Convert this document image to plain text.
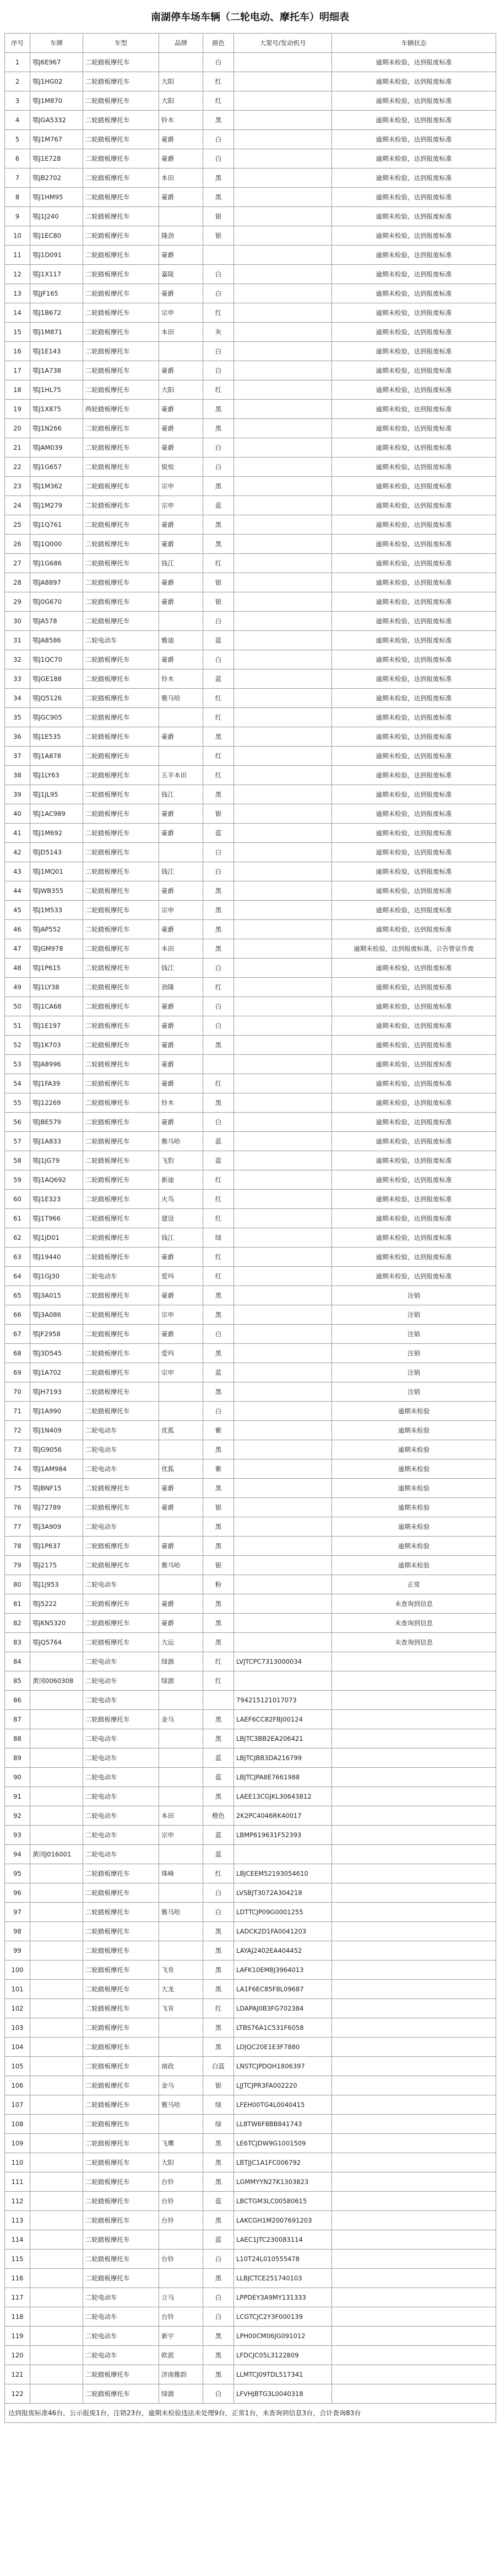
南湖停车场车辆（二轮电动、摩托车）明细表
序号	车牌	车型	品牌	颜色	大架号/发动机号	车辆状态
1	鄂J6E967	二轮踏板摩托车		白		逾期未检验，达到报废标准
2	鄂J1HG02	二轮踏板摩托车	大阳	红		逾期未检验，达到报废标准
3	鄂J1M870	二轮踏板摩托车	大阳	红		逾期未检验，达到报废标准
4	鄂JGA5332	二轮踏板摩托车	铃木	黑		逾期未检验，达到报废标准
5	鄂J1M767	二轮踏板摩托车	豪爵	白		逾期未检验，达到报废标准
6	鄂J1E728	二轮踏板摩托车	豪爵	白		逾期未检验，达到报废标准
7	鄂JB2702	二轮踏板摩托车	本田	黑		逾期未检验，达到报废标准
8	鄂J1HM95	二轮踏板摩托车	豪爵	黑		逾期未检验，达到报废标准
9	鄂J1J240	二轮踏板摩托车		银		逾期未检验，达到报废标准
10	鄂J1EC80	二轮踏板摩托车	隆劲	银		逾期未检验，达到报废标准
11	鄂J1D091	二轮踏板摩托车	豪爵			逾期未检验，达到报废标准
12	鄂J1X117	二轮踏板摩托车	嘉陵	白		逾期未检验，达到报废标准
13	鄂JJF165	二轮踏板摩托车	豪爵	白		逾期未检验，达到报废标准
14	鄂J1B672	二轮踏板摩托车	宗申	红		逾期未检验，达到报废标准
15	鄂J1M871	二轮踏板摩托车	本田	灰		逾期未检验，达到报废标准
16	鄂J1E143	二轮踏板摩托车		白		逾期未检验，达到报废标准
17	鄂J1A738	二轮踏板摩托车	豪爵	白		逾期未检验，达到报废标准
18	鄂J1HL75	二轮踏板摩托车	大阳	红		逾期未检验，达到报废标准
19	鄂J1X875	两轮踏板摩托车	豪爵	黑		逾期未检验，达到报废标准
20	鄂J1N266	二轮踏板摩托车	豪爵	黑		逾期未检验，达到报废标准
21	鄂JAM039	二轮踏板摩托车	豪爵	白		逾期未检验，达到报废标准
22	鄂J1G657	二轮踏板摩托车	锐悦	白		逾期未检验，达到报废标准
23	鄂J1M362	二轮踏板摩托车	宗申	黑		逾期未检验，达到报废标准
24	鄂J1M279	二轮踏板摩托车	宗申	蓝		逾期未检验，达到报废标准
25	鄂J1Q761	二轮踏板摩托车	豪爵	黑		逾期未检验，达到报废标准
26	鄂J1Q000	二轮踏板摩托车	豪爵	黑		逾期未检验，达到报废标准
27	鄂J1G686	二轮踏板摩托车	钱江	红		逾期未检验，达到报废标准
28	鄂JA8897	二轮踏板摩托车	豪爵	银		逾期未检验，达到报废标准
29	鄂J0G670	二轮踏板摩托车	豪爵	银		逾期未检验，达到报废标准
30	鄂JA578	二轮踏板摩托车		白		逾期未检验，达到报废标准
31	鄂JA8586	二轮电动车	雅迪	蓝		逾期未检验，达到报废标准
32	鄂J1QC70	二轮踏板摩托车	豪爵	白		逾期未检验，达到报废标准
33	鄂JGE188	二轮踏板摩托车	铃木	蓝		逾期未检验，达到报废标准
34	鄂JQ5126	二轮踏板摩托车	雅马哈	红		逾期未检验，达到报废标准
35	鄂JGC905	二轮踏板摩托车		红		逾期未检验，达到报废标准
36	鄂J1E535	二轮踏板摩托车	豪爵	黑		逾期未检验，达到报废标准
37	鄂J1A878	二轮踏板摩托车		红		逾期未检验，达到报废标准
38	鄂J1LY63	二轮踏板摩托车	五羊本田	红		逾期未检验，达到报废标准
39	鄂J1JL95	二轮踏板摩托车	钱江	黑		逾期未检验，达到报废标准
40	鄂J1AC989	二轮踏板摩托车	豪爵	银		逾期未检验，达到报废标准
41	鄂J1M692	二轮踏板摩托车	豪爵	蓝		逾期未检验，达到报废标准
42	鄂JD5143	二轮踏板摩托车		白		逾期未检验，达到报废标准
43	鄂J1MQ01	二轮踏板摩托车	钱江	白		逾期未检验，达到报废标准
44	鄂JWB355	二轮踏板摩托车	豪爵	黑		逾期未检验，达到报废标准
45	鄂J1M533	二轮踏板摩托车	宗申	黑		逾期未检验，达到报废标准
46	鄂JAP552	二轮踏板摩托车	豪爵	黑		逾期未检验，达到报废标准
47	鄂JGM978	二轮踏板摩托车	本田	黑		逾期未检验，达到报废标准，公告曾证作废
48	鄂J1P615	二轮踏板摩托车	钱江	白		逾期未检验，达到报废标准
49	鄂J1LY38	二轮踏板摩托车	劲隆	红		逾期未检验，达到报废标准
50	鄂J1CA68	二轮踏板摩托车	豪爵	白		逾期未检验，达到报废标准
51	鄂J1E197	二轮踏板摩托车	豪爵	白		逾期未检验，达到报废标准
52	鄂J1K703	二轮踏板摩托车	豪爵	黑		逾期未检验，达到报废标准
53	鄂JA8996	二轮踏板摩托车	豪爵			逾期未检验，达到报废标准
54	鄂J1FA39	二轮踏板摩托车	豪爵	红		逾期未检验，达到报废标准
55	鄂J12269	二轮踏板摩托车	铃木	黑		逾期未检验，达到报废标准
56	鄂JBE579	二轮踏板摩托车	豪爵	白		逾期未检验，达到报废标准
57	鄂J1A833	二轮踏板摩托车	雅马哈	蓝		逾期未检验，达到报废标准
58	鄂J1JG79	二轮踏板摩托车	飞豹	蓝		逾期未检验，达到报废标准
59	鄂J1AQ692	二轮踏板摩托车	新迪	红		逾期未检验，达到报废标准
60	鄂J1E323	二轮踏板摩托车	火鸟	红		逾期未检验，达到报废标准
61	鄂J1T966	二轮踏板摩托车	建设	红		逾期未检验，达到报废标准
62	鄂J1JD01	二轮踏板摩托车	钱江	绿		逾期未检验，达到报废标准
63	鄂J19440	二轮踏板摩托车	豪爵	红		逾期未检验，达到报废标准
64	鄂J1GJ30	二轮电动车	爱玛	红		逾期未检验，达到报废标准
65	鄂J3A015	二轮踏板摩托车	豪爵	黑		注销
66	鄂J3A086	二轮踏板摩托车	宗申	黑		注销
67	鄂JF2958	二轮踏板摩托车	豪爵	白		注销
68	鄂J3D545	二轮踏板摩托车	爱玛	黑		注销
69	鄂J1A702	二轮踏板摩托车	宗申	蓝		注销
70	鄂JH7193	二轮踏板摩托车		黑		注销
71	鄂J1A990	二轮踏板摩托车		白		逾期未检验
72	鄂J1N409	二轮电动车	优狐	紫		逾期未检验
73	鄂JG9056	二轮电动车		黑		逾期未检验
74	鄂J1AM984	二轮电动车	优狐	紫		逾期未检验
75	鄂JBNF15	二轮踏板摩托车	豪爵	黑		逾期未检验
76	鄂J72789	二轮踏板摩托车	豪爵	银		逾期未检验
77	鄂J3A909	二轮电动车		黑		逾期未检验
78	鄂J1P637	二轮踏板摩托车	豪爵	黑		逾期未检验
79	鄂J2175	二轮踏板摩托车	雅马哈	银		逾期未检验
80	鄂J1J953	二轮电动车		粉		正常
81	鄂J5222	二轮踏板摩托车	豪爵	黑		未查询到信息
82	鄂JKN5320	二轮踏板摩托车	豪爵	黑		未查询到信息
83	鄂JQ5764	二轮踏板摩托车	大运	黑		未查询到信息
84		二轮电动车	绿源	红	LVJTCPC7313000034	
85	黄冈0060308	二轮电动车	绿源	红		
86		二轮电动车			794215121017073	
87		二轮踏板摩托车	金马	黑	LAEF6CC82FBJ00124	
88		二轮电动车		黑	LBJTC3BB2EA206421	
89		二轮电动车		蓝	LBJTCJBB3DA216799	
90		二轮电动车		蓝	LBJTCJPA8E7661988	
91		二轮电动车		黑	LAEE13CGJKL30643812	
92		二轮电动车	本田	橙色	2K2PC4046RK40017	
93		二轮电动车	宗申	蓝	LBMP619631F52393	
94	黄冈J016001	二轮电动车		蓝		
95		二轮踏板摩托车	珠峰	红	LBJCEEM52193054610	
96		二轮踏板摩托车		白	LVSBJT3072A304218	
97		二轮踏板摩托车	雅马哈	白	LDTTCJP09G0001255	
98		二轮踏板摩托车		黑	LADCK2D1FA0041203	
99		二轮踏板摩托车		黑	LAYAJ2402EA404452	
100		二轮踏板摩托车	飞肯	黑	LAFK10EM8J3964013	
101		二轮踏板摩托车	大龙	黑	LA1F6EC85F8L09687	
102		二轮踏板摩托车	飞肯	红	LDAPAJ0B3FG702384	
103		二轮踏板摩托车		黑	LTBS76A1C531F6058	
104		二轮踏板摩托车		黑	LDJQC20E1E3F7880	
105		二轮踏板摩托车	南政	白蓝	LNSTCJPDQH1806397	
106		二轮踏板摩托车	金马	银	LJJTCJPR3FA002220	
107		二轮踏板摩托车	雅马哈	绿	LFEH00TG4L0040415	
108		二轮踏板摩托车		绿	LL8TW6F8BB841743	
109		二轮踏板摩托车	飞鹰	黑	LE6TCJDW9G1001509	
110		二轮踏板摩托车	大阳	黑	LBTJJC1A1FC006792	
111		二轮踏板摩托车	台铃	黑	LGMMYYN27K1303823	
112		二轮踏板摩托车	台铃	蓝	LBCTGM3LC00580615	
113		二轮踏板摩托车	台铃	黑	LAKCGH1M2007691203	
114		二轮踏板摩托车		蓝	LAEC1JTC230083114	
115		二轮踏板摩托车	台铃	白	L10T24L010555478	
116		二轮踏板摩托车		黑	LLBJCTCE251740103	
117		二轮电动车	立马	白	LPPDEY3A9MY131333	
118		二轮电动车	台铃	白	LCGTCJC2Y3F000139	
119		二轮电动车	新宇	黑	LPH00CM06JG091012	
120		二轮电动车	欧派	黑	LFDCJC05L3122809	
121		二轮踏板摩托车	济南雅韵	黑	LLMTCJ09TDL517341	
122		二轮踏板摩托车	绿源	白	LFVHJBTG3L0040318	
达到报废标准46台，公示报废1台，注销23台，逾期未检验违法未处理9台，正常1台，未查询到信息3台，合计查询83台						
